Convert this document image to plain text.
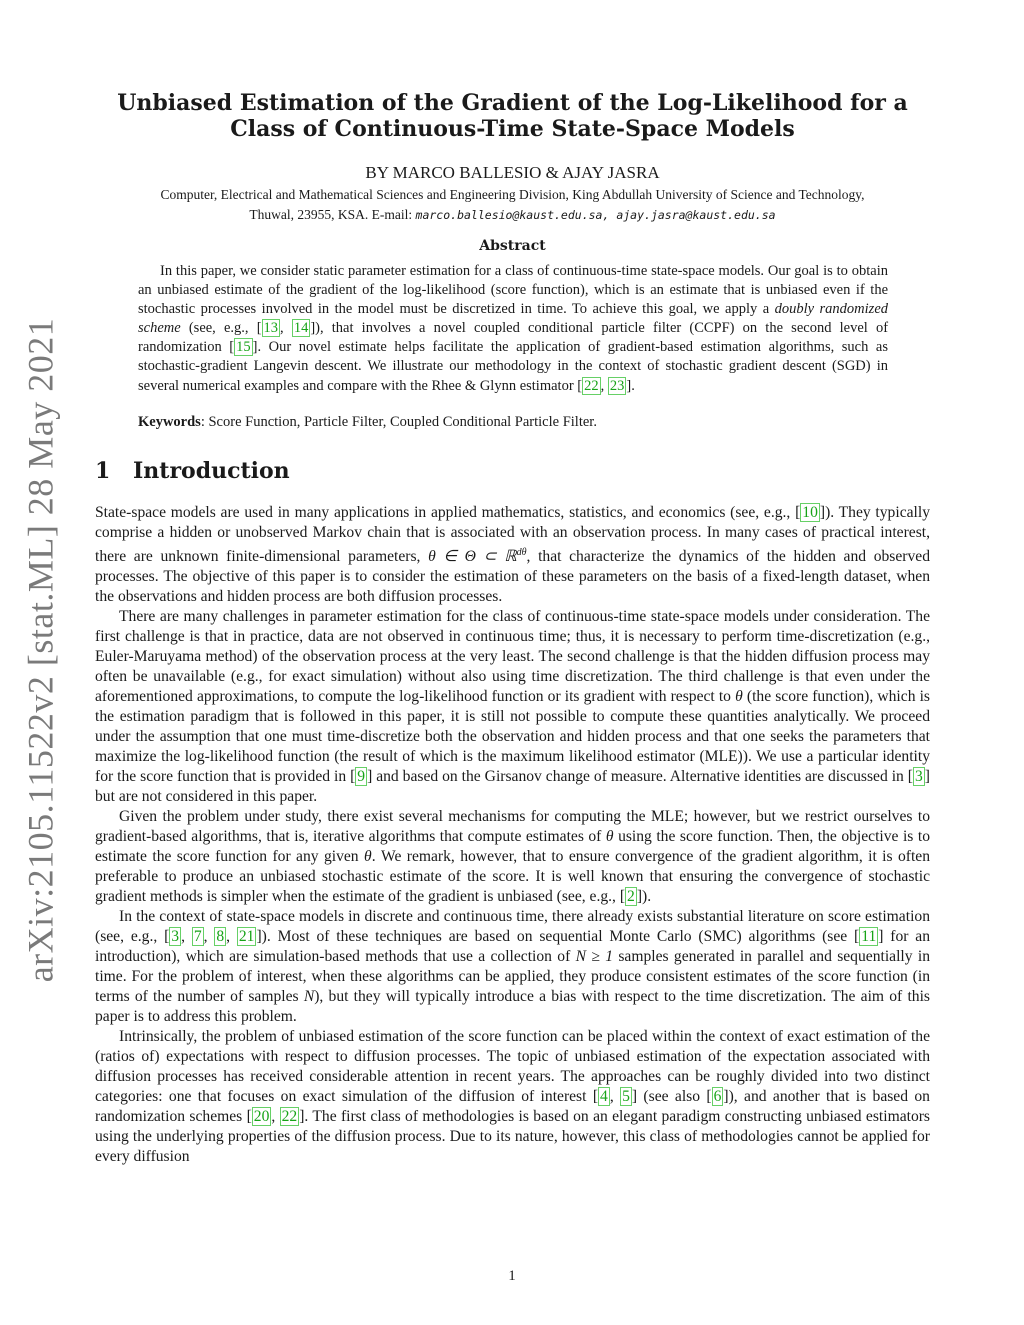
arXiv:2105.11522v2 [stat.ML] 28 May 2021
Unbiased Estimation of the Gradient of the Log-Likelihood for a Class of Continuous-Time State-Space Models
BY MARCO BALLESIO & AJAY JASRA
Computer, Electrical and Mathematical Sciences and Engineering Division, King Abdullah University of Science and Technology,
Thuwal, 23955, KSA. E-mail: marco.ballesio@kaust.edu.sa, ajay.jasra@kaust.edu.sa
Abstract

In this paper, we consider static parameter estimation for a class of continuous-time state-space models. Our goal is to obtain an unbiased estimate of the gradient of the log-likelihood (score function), which is an estimate that is unbiased even if the stochastic processes involved in the model must be discretized in time. To achieve this goal, we apply a doubly randomized scheme (see, e.g., [ 13 , 14 ]), that involves a novel coupled conditional particle filter (CCPF) on the second level of randomization [ 15 ]. Our novel estimate helps facilitate the application of gradient-based estimation algorithms, such as stochastic-gradient Langevin descent. We illustrate our methodology in the context of stochastic gradient descent (SGD) in several numerical examples and compare with the Rhee & Glynn estimator [ 22 , 23 ].

Keywords: Score Function, Particle Filter, Coupled Conditional Particle Filter.
1 Introduction

State-space models are used in many applications in applied mathematics, statistics, and economics (see, e.g., [ 10 ]). They typically comprise a hidden or unobserved Markov chain that is associated with an observation process. In many cases of practical interest, there are unknown finite-dimensional parameters, θ ∈ Θ ⊂ ℝ$^{d\theta}$, that characterize the dynamics of the hidden and observed processes. The objective of this paper is to consider the estimation of these parameters on the basis of a fixed-length dataset, when the observations and hidden process are both diffusion processes.

There are many challenges in parameter estimation for the class of continuous-time state-space models under consideration. The first challenge is that in practice, data are not observed in continuous time; thus, it is necessary to perform time-discretization (e.g., Euler-Maruyama method) of the observation process at the very least. The second challenge is that the hidden diffusion process may often be unavailable (e.g., for exact simulation) without also using time discretization. The third challenge is that even under the aforementioned approximations, to compute the log-likelihood function or its gradient with respect to θ (the score function), which is the estimation paradigm that is followed in this paper, it is still not possible to compute these quantities analytically. We proceed under the assumption that one must time-discretize both the observation and hidden process and that one seeks the parameters that maximize the log-likelihood function (the result of which is the maximum likelihood estimator (MLE)). We use a particular identity for the score function that is provided in [ 9 ] and based on the Girsanov change of measure. Alternative identities are discussed in [ 3 ] but are not considered in this paper.

Given the problem under study, there exist several mechanisms for computing the MLE; however, but we restrict ourselves to gradient-based algorithms, that is, iterative algorithms that compute estimates of θ using the score function. Then, the objective is to estimate the score function for any given θ. We remark, however, that to ensure convergence of the gradient algorithm, it is often preferable to produce an unbiased stochastic estimate of the score. It is well known that ensuring the convergence of stochastic gradient methods is simpler when the estimate of the gradient is unbiased (see, e.g., [ 2 ]).

In the context of state-space models in discrete and continuous time, there already exists substantial literature on score estimation (see, e.g., [ 3 , 7 , 8 , 21 ]). Most of these techniques are based on sequential Monte Carlo (SMC) algorithms (see [ 11 ] for an introduction), which are simulation-based methods that use a collection of N ≥ 1 samples generated in parallel and sequentially in time. For the problem of interest, when these algorithms can be applied, they produce consistent estimates of the score function (in terms of the number of samples N), but they will typically introduce a bias with respect to the time discretization. The aim of this paper is to address this problem.

Intrinsically, the problem of unbiased estimation of the score function can be placed within the context of exact estimation of the (ratios of) expectations with respect to diffusion processes. The topic of unbiased estimation of the expectation associated with diffusion processes has received considerable attention in recent years. The approaches can be roughly divided into two distinct categories: one that focuses on exact simulation of the diffusion of interest [ 4 , 5 ] (see also [ 6 ]), and another that is based on randomization schemes [ 20 , 22 ]. The first class of methodologies is based on an elegant paradigm constructing unbiased estimators using the underlying properties of the diffusion process. Due to its nature, however, this class of methodologies cannot be applied for every diffusion

1
